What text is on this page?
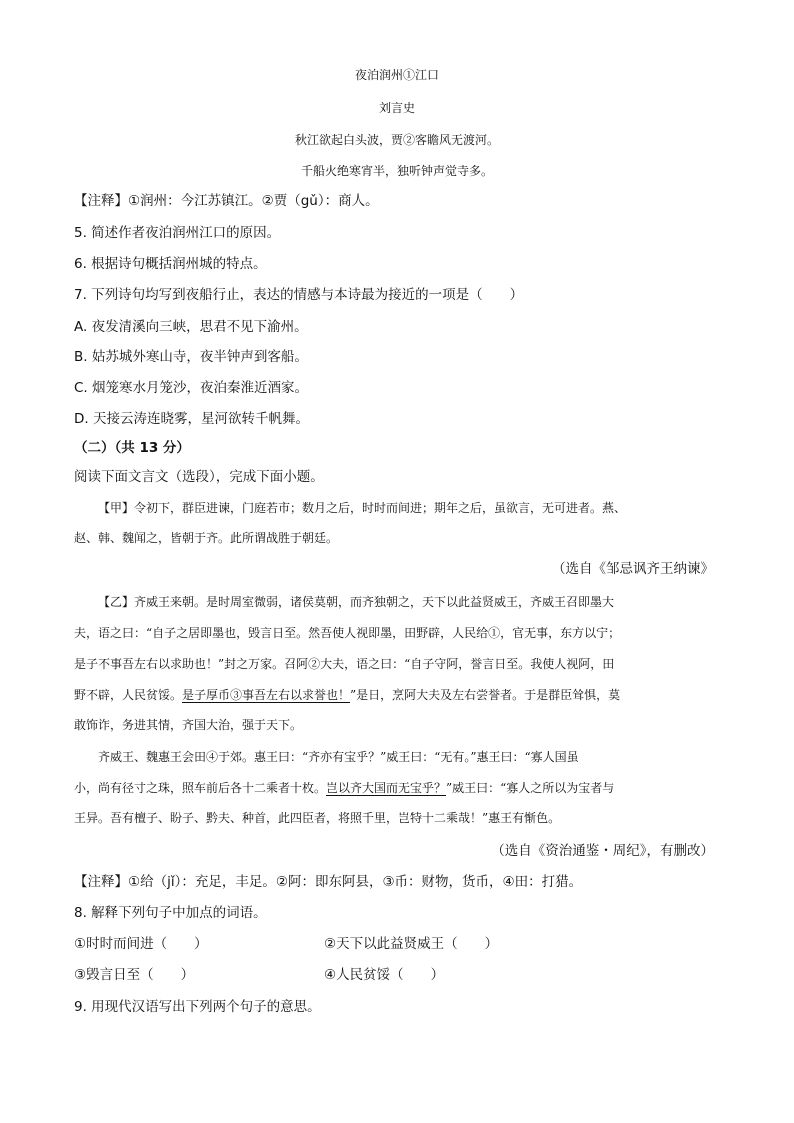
夜泊润州①江口
刘言史
秋江欲起白头波，贾②客瞻风无渡河。
千船火绝寒宵半，独听钟声觉寺多。
【注释】①润州：今江苏镇江。②贾（gǔ）：商人。
5. 简述作者夜泊润州江口的原因。
6. 根据诗句概括润州城的特点。
7. 下列诗句均写到夜船行止，表达的情感与本诗最为接近的一项是（　　）
A. 夜发清溪向三峡，思君不见下渝州。
B. 姑苏城外寒山寺，夜半钟声到客船。
C. 烟笼寒水月笼沙，夜泊秦淮近酒家。
D. 天接云涛连晓雾，星河欲转千帆舞。
（二）（共 13 分）
阅读下面文言文（选段），完成下面小题。
【甲】令初下，群臣进谏，门庭若市；数月之后，时时而间进；期年之后，虽欲言，无可进者。燕、
赵、韩、魏闻之，皆朝于齐。此所谓战胜于朝廷。
（选自《邹忌讽齐王纳谏》
【乙】齐威王来朝。是时周室微弱，诸侯莫朝，而齐独朝之，天下以此益贤威王，齐威王召即墨大
夫，语之曰：“自子之居即墨也，毁言日至。然吾使人视即墨，田野辟，人民给①，官无事，东方以宁；
是子不事吾左右以求助也！”封之万家。召阿②大夫，语之曰：“自子守阿，誉言日至。我使人视阿，田
野不辟，人民贫馁。是子厚币③事吾左右以求誉也！”是日，烹阿大夫及左右尝誉者。于是群臣耸惧，莫
敢饰诈，务进其情，齐国大治，强于天下。
齐威王、魏惠王会田④于郊。惠王曰：“齐亦有宝乎？”威王曰：“无有。”惠王曰：“寡人国虽
小，尚有径寸之珠，照车前后各十二乘者十枚。岂以齐大国而无宝乎？”威王曰：“寡人之所以为宝者与
王异。吾有檀子、盼子、黔夫、种首，此四臣者，将照千里，岂特十二乘哉！”惠王有惭色。
（选自《资治通鉴・周纪》，有删改）
【注释】①给（jǐ）：充足，丰足。②阿：即东阿县，③币：财物，货币，④田：打猎。
8. 解释下列句子中加点的词语。
①时时而间进（　　）	②天下以此益贤威王（　　）
③毁言日至（　　）	④人民贫馁（　　）
9. 用现代汉语写出下列两个句子的意思。
